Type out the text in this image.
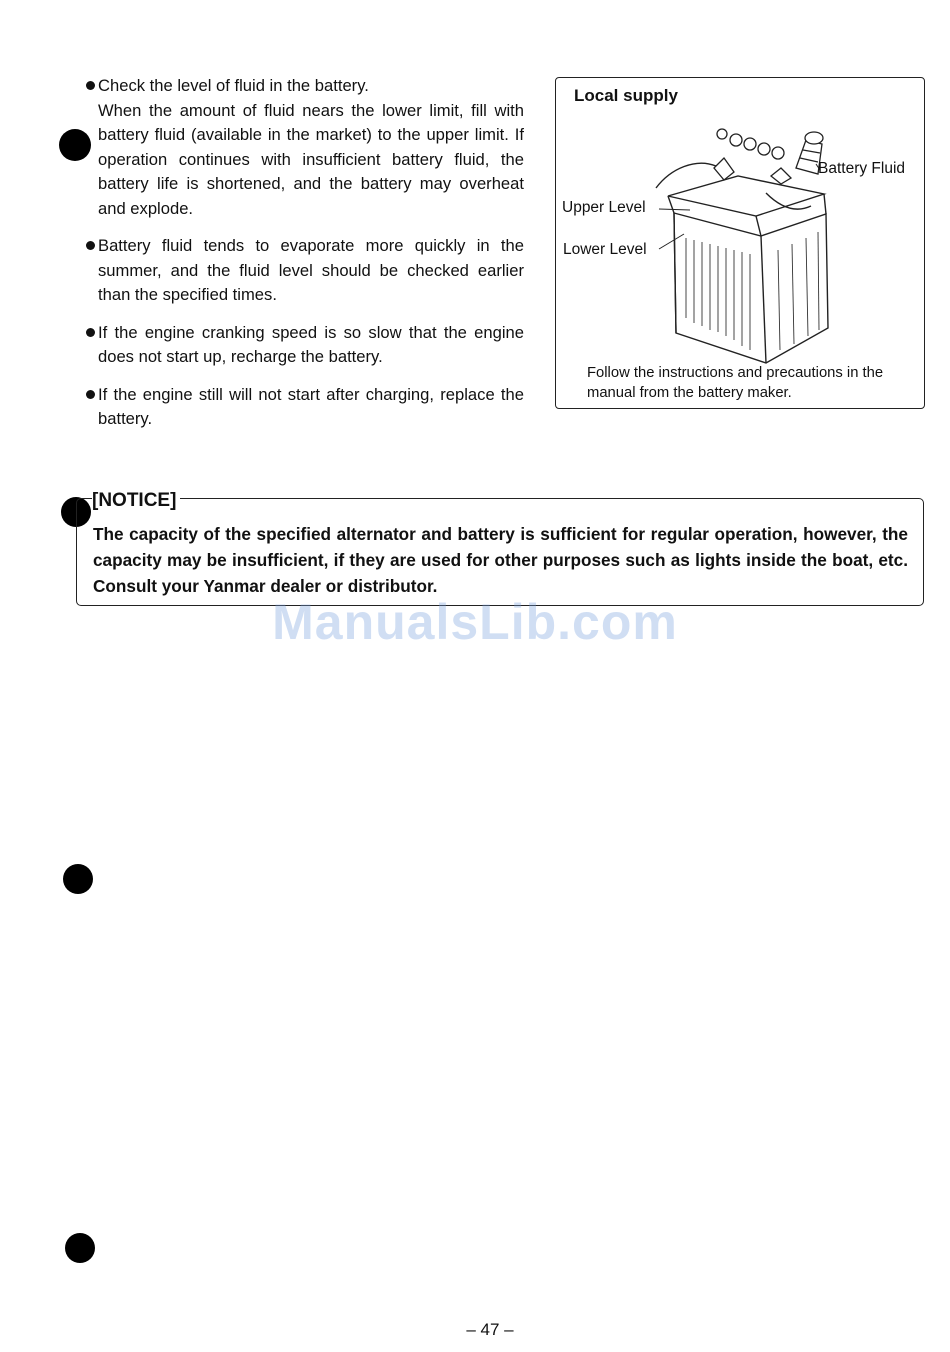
Check the level of fluid in the battery.
When the amount of fluid nears the lower limit, fill with battery fluid (available in the market) to the upper limit. If operation continues with insufficient battery fluid, the battery life is shortened, and the battery may overheat and explode.
Battery fluid tends to evaporate more quickly in the summer, and the fluid level should be checked earlier than the specified times.
If the engine cranking speed is so slow that the engine does not start up, recharge the battery.
If the engine still will not start after charging, replace the battery.
Local supply
Battery Fluid
Upper Level
Lower Level
Follow the instructions and precautions in the manual from the battery maker.
[NOTICE]
The capacity of the specified alternator and battery is sufficient for regular operation, however, the capacity may be insufficient, if they are used for other purposes such as lights inside the boat, etc. Consult your Yanmar dealer or distributor.
ManualsLib.com
– 47 –
